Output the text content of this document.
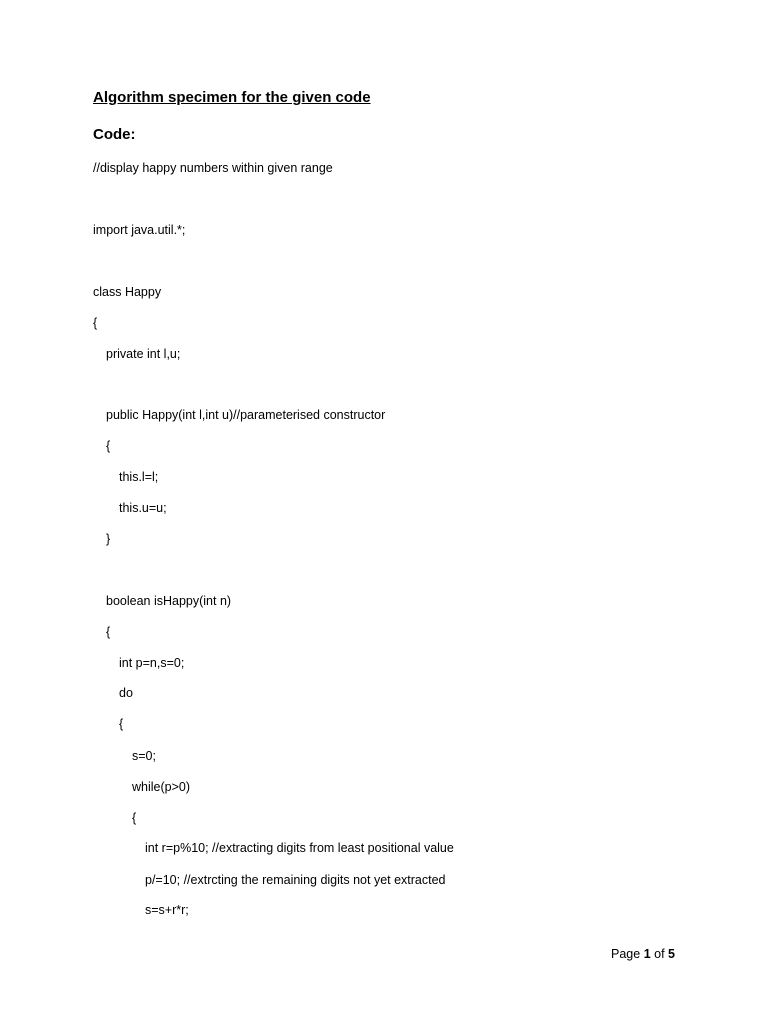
Algorithm specimen for the given code
Code:
//display happy numbers within given range
import java.util.*;
class Happy
{
private int l,u;
public Happy(int l,int u)//parameterised constructor
{
this.l=l;
this.u=u;
}
boolean isHappy(int n)
{
int p=n,s=0;
do
{
s=0;
while(p>0)
{
int r=p%10; //extracting digits from least positional value
p/=10; //extrcting the remaining digits not yet extracted
s=s+r*r;
Page 1 of 5
